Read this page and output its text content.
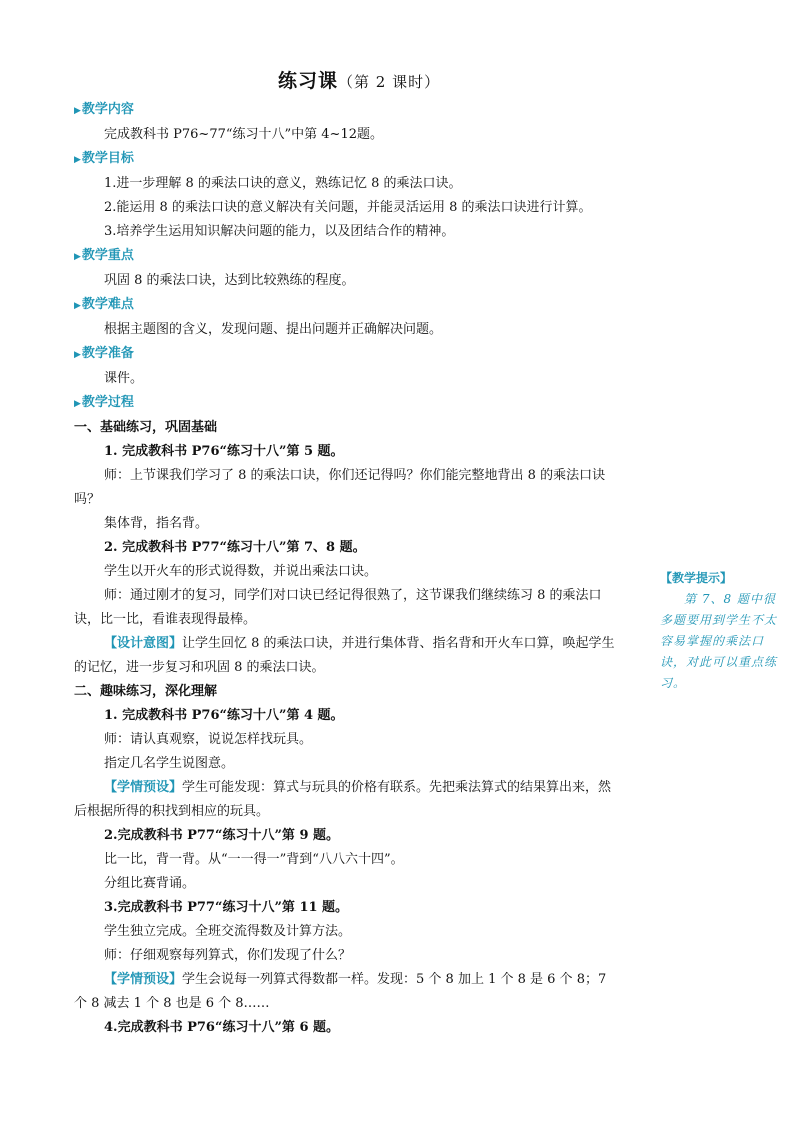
练习课（第 2 课时）
▶教学内容
完成教科书 P76~77“练习十八”中第 4~12题。
▶教学目标
1.进一步理解 8 的乘法口诀的意义，熟练记忆 8 的乘法口诀。
2.能运用 8 的乘法口诀的意义解决有关问题，并能灵活运用 8 的乘法口诀进行计算。
3.培养学生运用知识解决问题的能力，以及团结合作的精神。
▶教学重点
巩固 8 的乘法口诀，达到比较熟练的程度。
▶教学难点
根据主题图的含义，发现问题、提出问题并正确解决问题。
▶教学准备
课件。
▶教学过程
一、基础练习，巩固基础
1. 完成教科书 P76“练习十八”第 5 题。
师：上节课我们学习了 8 的乘法口诀，你们还记得吗？你们能完整地背出 8 的乘法口诀吗？
集体背，指名背。
2. 完成教科书 P77“练习十八”第 7、8 题。
学生以开火车的形式说得数，并说出乘法口诀。
师：通过刚才的复习，同学们对口诀已经记得很熟了，这节课我们继续练习 8 的乘法口诀，比一比，看谁表现得最棒。
【设计意图】让学生回忆 8 的乘法口诀，并进行集体背、指名背和开火车口算，唤起学生的记忆，进一步复习和巩固 8 的乘法口诀。
二、趣味练习，深化理解
1. 完成教科书 P76“练习十八”第 4 题。
师：请认真观察，说说怎样找玩具。
指定几名学生说图意。
【学情预设】学生可能发现：算式与玩具的价格有联系。先把乘法算式的结果算出来，然后根据所得的积找到相应的玩具。
2.完成教科书 P77“练习十八”第 9 题。
比一比，背一背。从“一一得一”背到“八八六十四”。
分组比赛背诵。
3.完成教科书 P77“练习十八”第 11 题。
学生独立完成。全班交流得数及计算方法。
师：仔细观察每列算式，你们发现了什么？
【学情预设】学生会说每一列算式得数都一样。发现：5 个 8 加上 1 个 8 是 6 个 8；7 个 8 减去 1 个 8 也是 6 个 8……
4.完成教科书 P76“练习十八”第 6 题。
【教学提示】
第 7、8 题中很多题要用到学生不太容易掌握的乘法口诀，对此可以重点练习。
